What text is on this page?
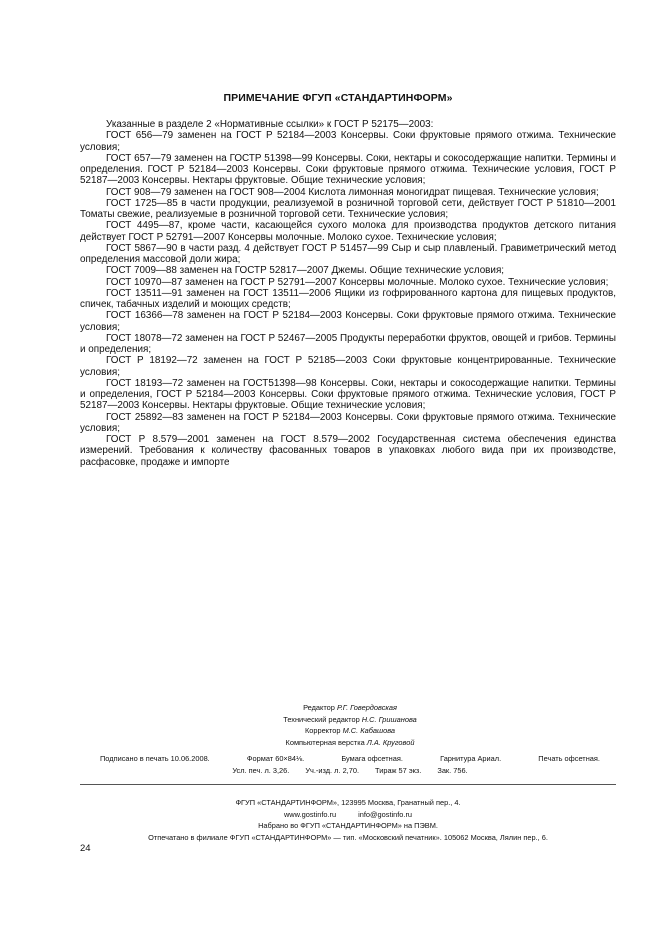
ПРИМЕЧАНИЕ ФГУП «СТАНДАРТИНФОРМ»

Указанные в разделе 2 «Нормативные ссылки» к ГОСТ Р 52175—2003:

ГОСТ 656—79 заменен на ГОСТ Р 52184—2003 Консервы. Соки фруктовые прямого отжима. Технические условия;

ГОСТ 657—79 заменен на ГОСТР 51398—99 Консервы. Соки, нектары и сокосодержащие напитки. Термины и определения. ГОСТ Р 52184—2003 Консервы. Соки фруктовые прямого отжима. Технические условия, ГОСТ Р 52187—2003 Консервы. Нектары фруктовые. Общие технические условия;

ГОСТ 908—79 заменен на ГОСТ 908—2004 Кислота лимонная моногидрат пищевая. Технические условия;

ГОСТ 1725—85 в части продукции, реализуемой в розничной торговой сети, действует ГОСТ Р 51810—2001 Томаты свежие, реализуемые в розничной торговой сети. Технические условия;

ГОСТ 4495—87, кроме части, касающейся сухого молока для производства продуктов детского питания действует ГОСТ Р 52791—2007 Консервы молочные. Молоко сухое. Технические условия;

ГОСТ 5867—90 в части разд. 4 действует ГОСТ Р 51457—99 Сыр и сыр плавленый. Гравиметрический метод определения массовой доли жира;

ГОСТ 7009—88 заменен на ГОСТР 52817—2007 Джемы. Общие технические условия;

ГОСТ 10970—87 заменен на ГОСТ Р 52791—2007 Консервы молочные. Молоко сухое. Технические условия;

ГОСТ 13511—91 заменен на ГОСТ 13511—2006 Ящики из гофрированного картона для пищевых продуктов, спичек, табачных изделий и моющих средств;

ГОСТ 16366—78 заменен на ГОСТ Р 52184—2003 Консервы. Соки фруктовые прямого отжима. Технические условия;

ГОСТ 18078—72 заменен на ГОСТ Р 52467—2005 Продукты переработки фруктов, овощей и грибов. Термины и определения;

ГОСТ Р 18192—72 заменен на ГОСТ Р 52185—2003 Соки фруктовые концентрированные. Технические условия;

ГОСТ 18193—72 заменен на ГОСТ51398—98 Консервы. Соки, нектары и сокосодержащие напитки. Термины и определения, ГОСТ Р 52184—2003 Консервы. Соки фруктовые прямого отжима. Технические условия, ГОСТ Р 52187—2003 Консервы. Нектары фруктовые. Общие технические условия;

ГОСТ 25892—83 заменен на ГОСТ Р 52184—2003 Консервы. Соки фруктовые прямого отжима. Технические условия;

ГОСТ Р 8.579—2001 заменен на ГОСТ 8.579—2002 Государственная система обеспечения единства измерений. Требования к количеству фасованных товаров в упаковках любого вида при их производстве, расфасовке, продаже и импорте

Редактор Р.Г. Говердовская
Технический редактор Н.С. Гришанова
Корректор М.С. Кабашова
Компьютерная верстка Л.А. Круговой
Подписано в печать 10.06.2008.	Формат 60×84⅛.	Бумага офсетная.	Гарнитура Ариал.	Печать офсетная.
Усл. печ. л. 3,26. Уч.-изд. л. 2,70. Тираж 57 экз. Зак. 756.
ФГУП «СТАНДАРТИНФОРМ», 123995 Москва, Гранатный пер., 4.
www.gostinfo.ru	info@gostinfo.ru
Набрано во ФГУП «СТАНДАРТИНФОРМ» на ПЭВМ.
Отпечатано в филиале ФГУП «СТАНДАРТИНФОРМ» — тип. «Московский печатник». 105062 Москва, Лялин пер., 6.
24
